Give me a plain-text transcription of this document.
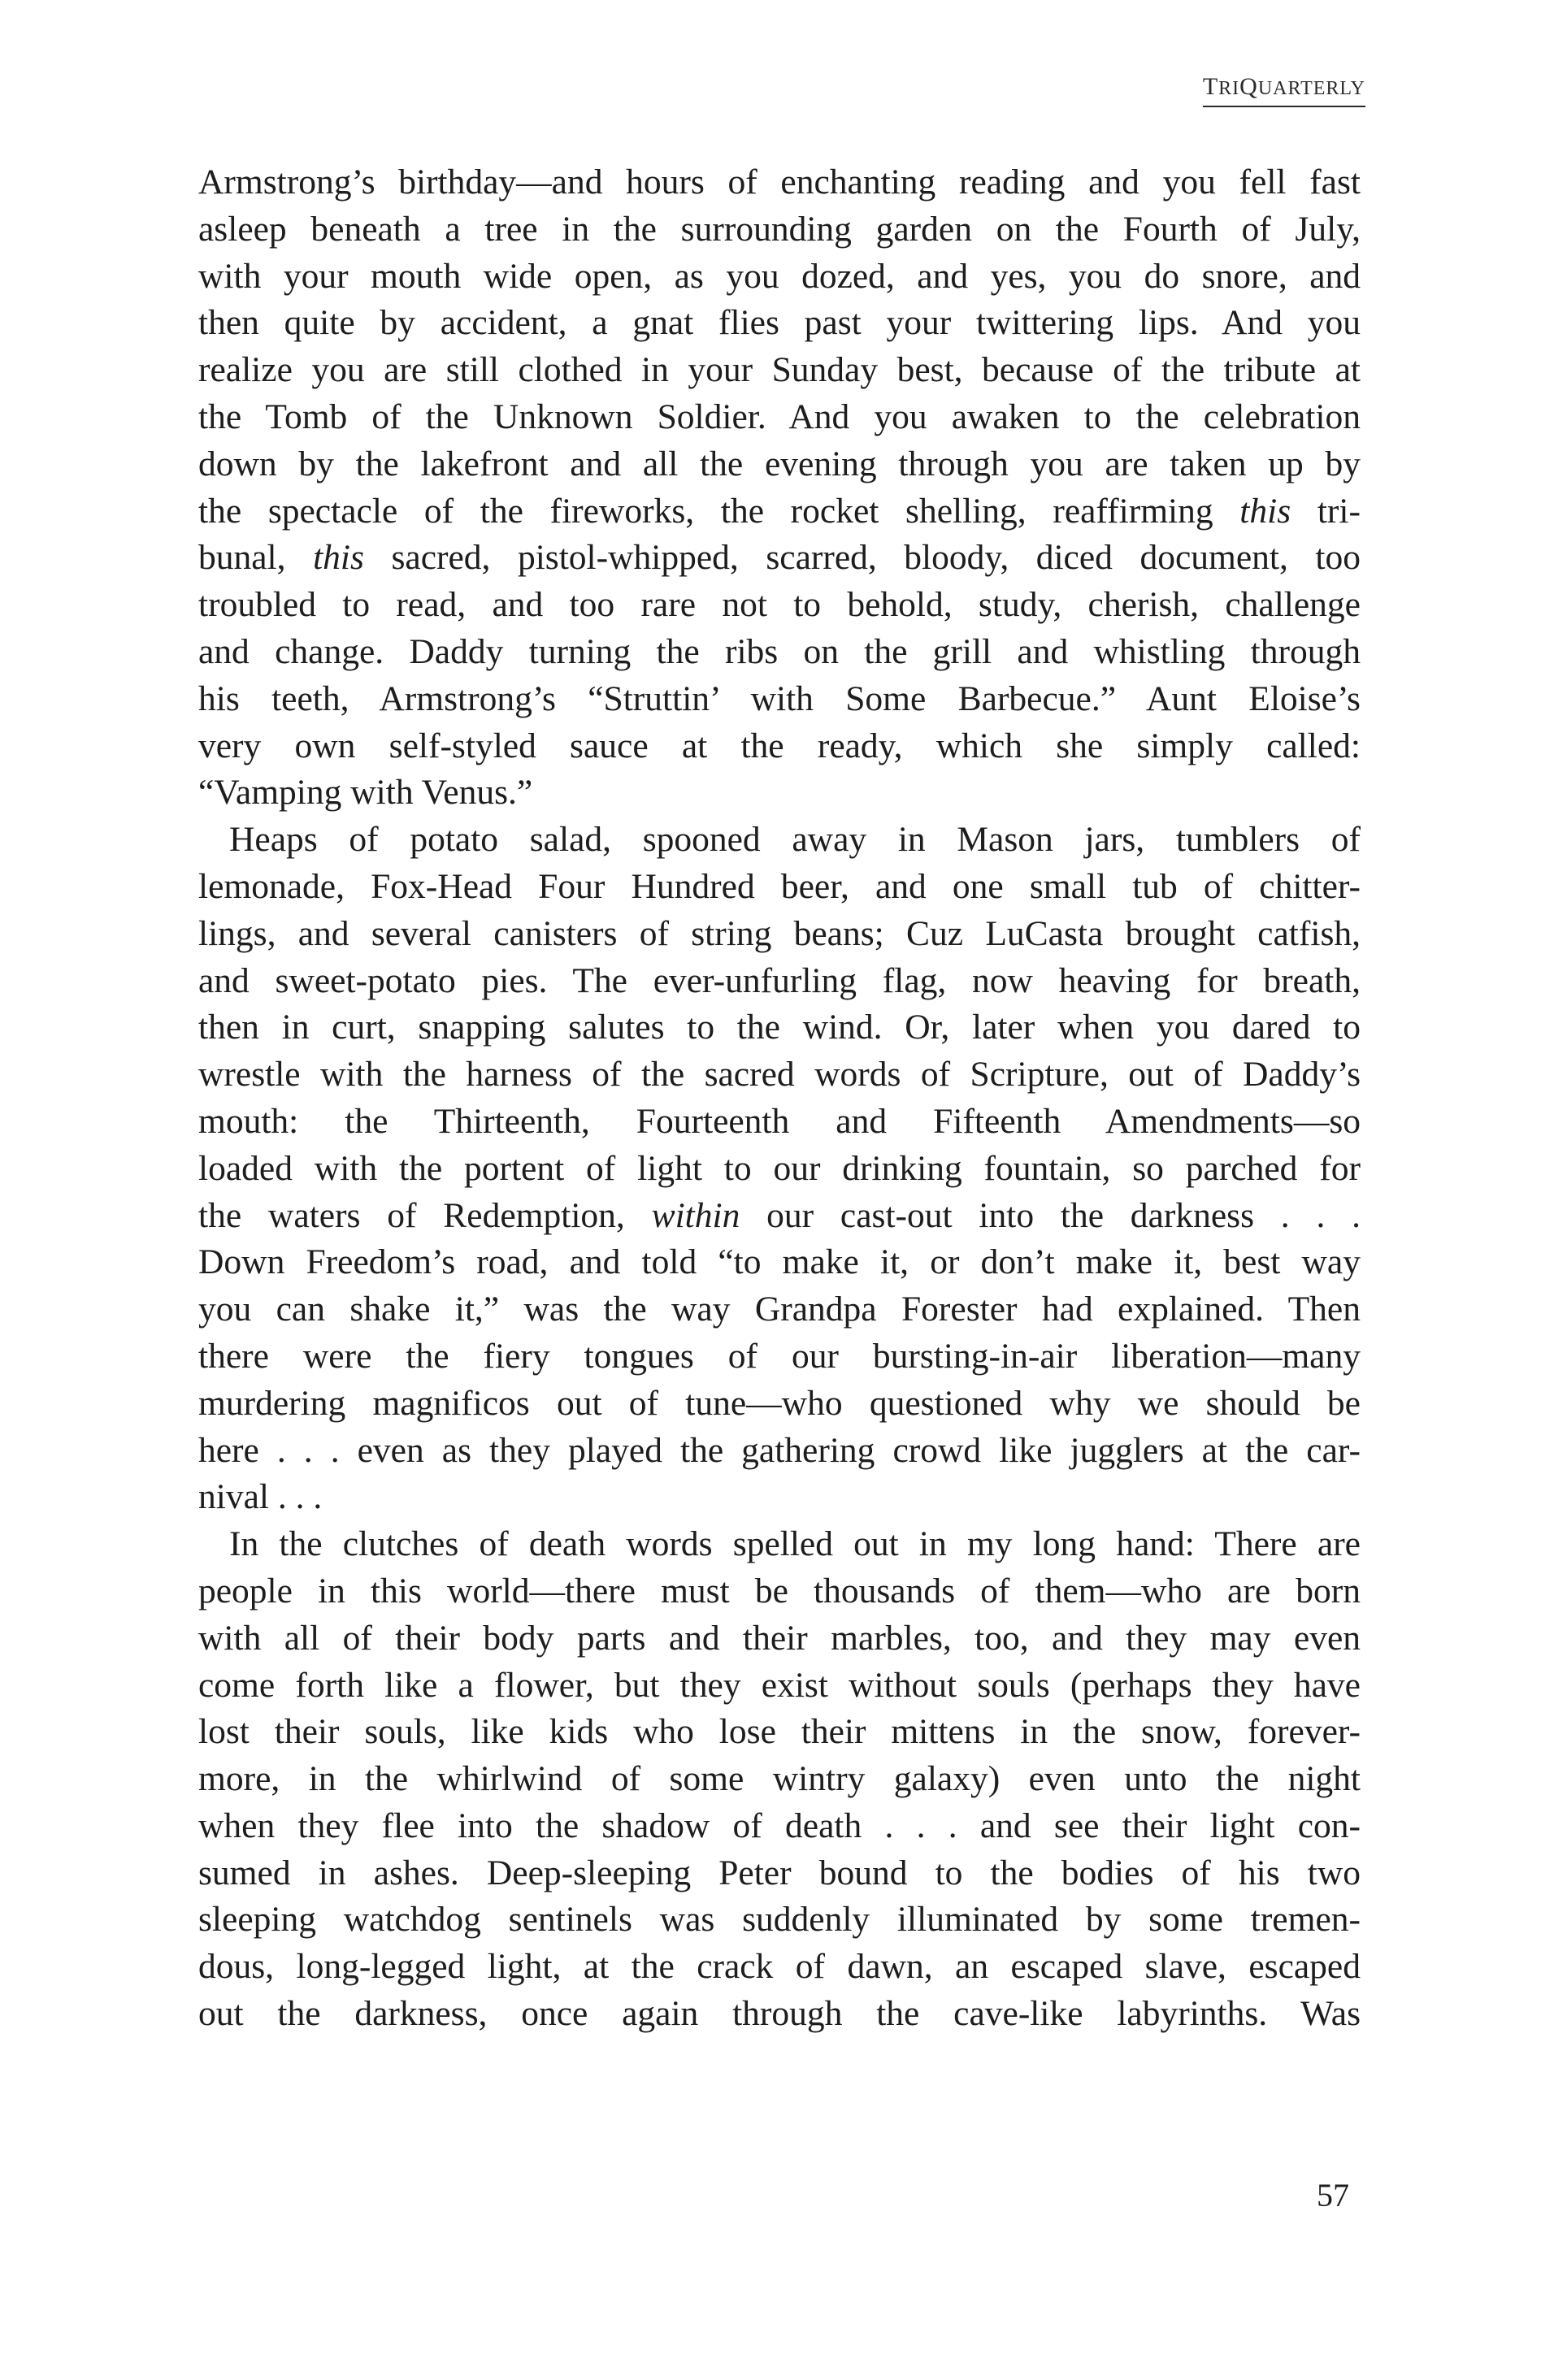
TRIQUARTERLY
Armstrong’s birthday—and hours of enchanting reading and you fell fast
asleep beneath a tree in the surrounding garden on the Fourth of July,
with your mouth wide open, as you dozed, and yes, you do snore, and
then quite by accident, a gnat flies past your twittering lips. And you
realize you are still clothed in your Sunday best, because of the tribute at
the Tomb of the Unknown Soldier. And you awaken to the celebration
down by the lakefront and all the evening through you are taken up by
the spectacle of the fireworks, the rocket shelling, reaffirming this tri-
bunal, this sacred, pistol-whipped, scarred, bloody, diced document, too
troubled to read, and too rare not to behold, study, cherish, challenge
and change. Daddy turning the ribs on the grill and whistling through
his teeth, Armstrong’s “Struttin’ with Some Barbecue.” Aunt Eloise’s
very own self-styled sauce at the ready, which she simply called:
“Vamping with Venus.”
Heaps of potato salad, spooned away in Mason jars, tumblers of
lemonade, Fox-Head Four Hundred beer, and one small tub of chitter-
lings, and several canisters of string beans; Cuz LuCasta brought catfish,
and sweet-potato pies. The ever-unfurling flag, now heaving for breath,
then in curt, snapping salutes to the wind. Or, later when you dared to
wrestle with the harness of the sacred words of Scripture, out of Daddy’s
mouth: the Thirteenth, Fourteenth and Fifteenth Amendments—so
loaded with the portent of light to our drinking fountain, so parched for
the waters of Redemption, within our cast-out into the darkness . . .
Down Freedom’s road, and told “to make it, or don’t make it, best way
you can shake it,” was the way Grandpa Forester had explained. Then
there were the fiery tongues of our bursting-in-air liberation—many
murdering magnificos out of tune—who questioned why we should be
here . . . even as they played the gathering crowd like jugglers at the car-
nival . . .
In the clutches of death words spelled out in my long hand: There are
people in this world—there must be thousands of them—who are born
with all of their body parts and their marbles, too, and they may even
come forth like a flower, but they exist without souls (perhaps they have
lost their souls, like kids who lose their mittens in the snow, forever-
more, in the whirlwind of some wintry galaxy) even unto the night
when they flee into the shadow of death . . . and see their light con-
sumed in ashes. Deep-sleeping Peter bound to the bodies of his two
sleeping watchdog sentinels was suddenly illuminated by some tremen-
dous, long-legged light, at the crack of dawn, an escaped slave, escaped
out the darkness, once again through the cave-like labyrinths. Was
57
